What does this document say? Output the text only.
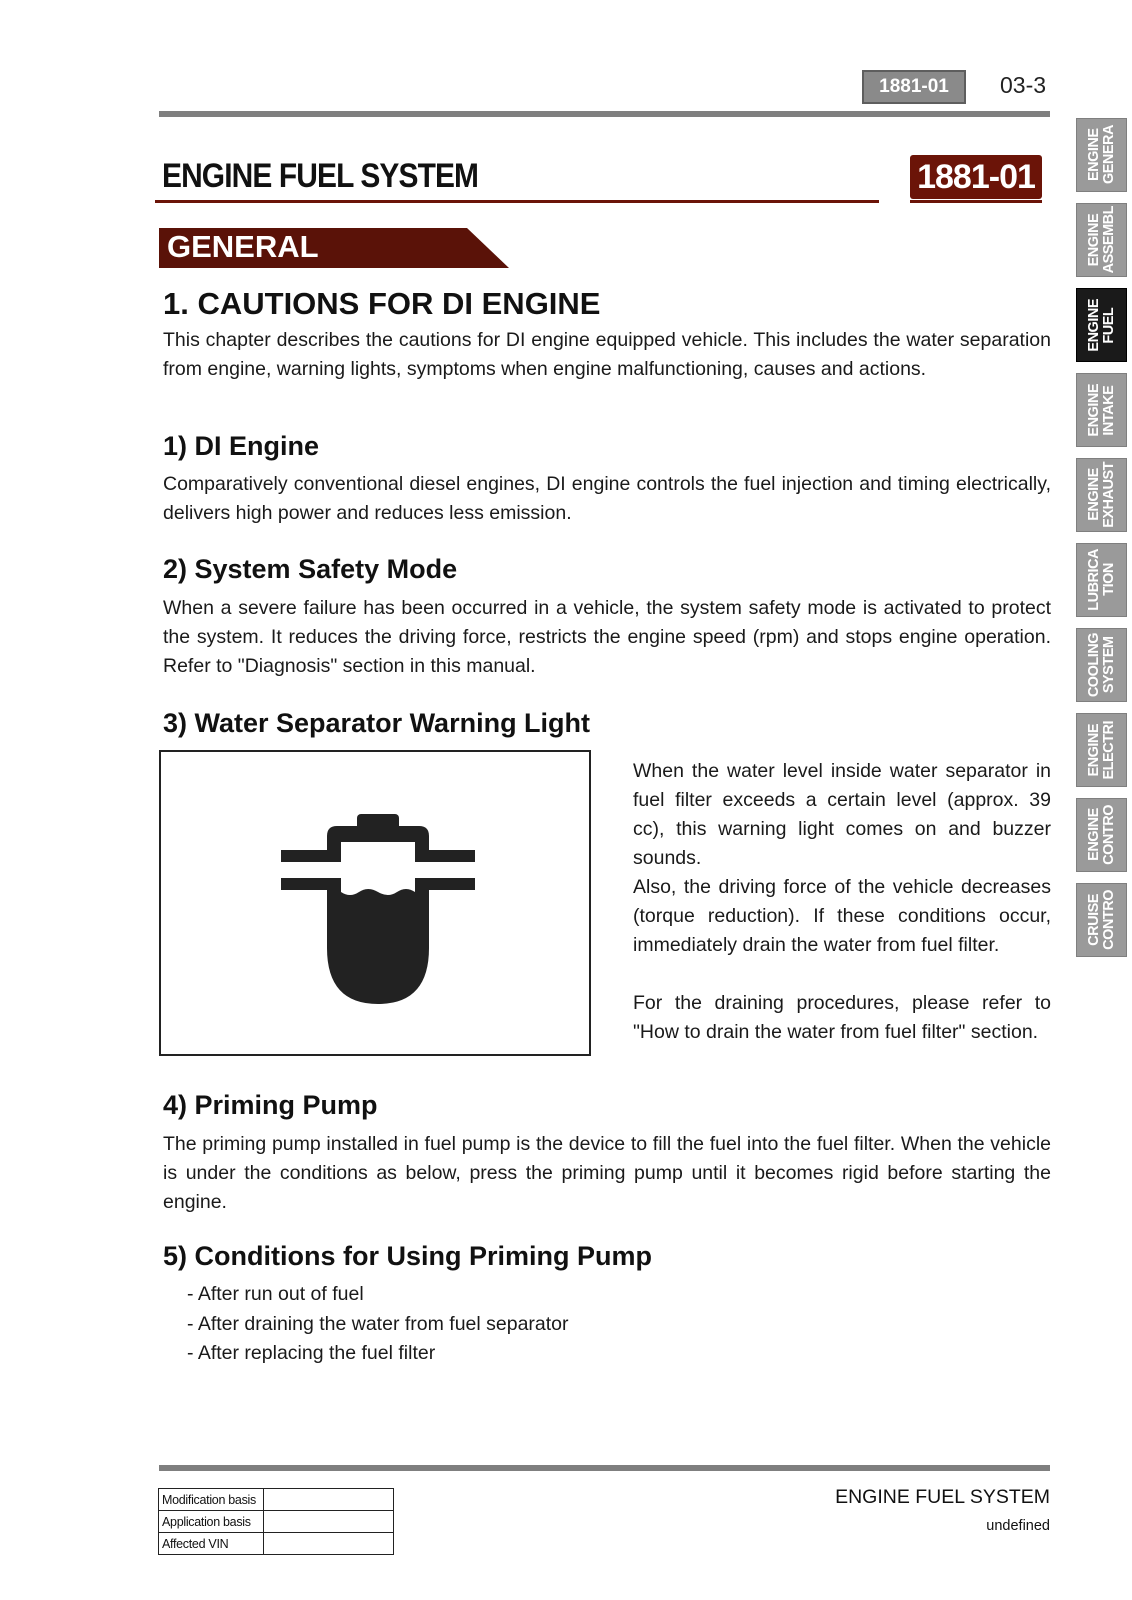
1881-01	03-3
ENGINE FUEL SYSTEM	1881-01
GENERAL
1. CAUTIONS FOR DI ENGINE
This chapter describes the cautions for DI engine equipped vehicle. This includes the water separation from engine, warning lights, symptoms when engine malfunctioning, causes and actions.
1) DI Engine
Comparatively conventional diesel engines, DI engine controls the fuel injection and timing electrically, delivers high power and reduces less emission.
2) System Safety Mode
When a severe failure has been occurred in a vehicle, the system safety mode is activated to protect the system. It reduces the driving force, restricts the engine speed (rpm) and stops engine operation. Refer to "Diagnosis" section in this manual.
3) Water Separator Warning Light
When the water level inside water separator in fuel filter exceeds a certain level (approx. 39 cc), this warning light comes on and buzzer sounds.
Also, the driving force of the vehicle decreases (torque reduction). If these conditions occur, immediately drain the water from fuel filter.
For the draining procedures, please refer to "How to drain the water from fuel filter" section.
4) Priming Pump
The priming pump installed in fuel pump is the device to fill the fuel into the fuel filter. When the vehicle is under the conditions as below, press the priming pump until it becomes rigid before starting the engine.
5) Conditions for Using Priming Pump
- After run out of fuel
- After draining the water from fuel separator
- After replacing the fuel filter
ENGINE
GENERA
ENGINE
ASSEMBL
ENGINE
FUEL
ENGINE
INTAKE
ENGINE
EXHAUST
LUBRICA
TION
COOLING
SYSTEM
ENGINE
ELECTRI
ENGINE
CONTRO
CRUISE
CONTRO
Modification basis	
Application basis	
Affected VIN	
ENGINE FUEL SYSTEM
undefined
